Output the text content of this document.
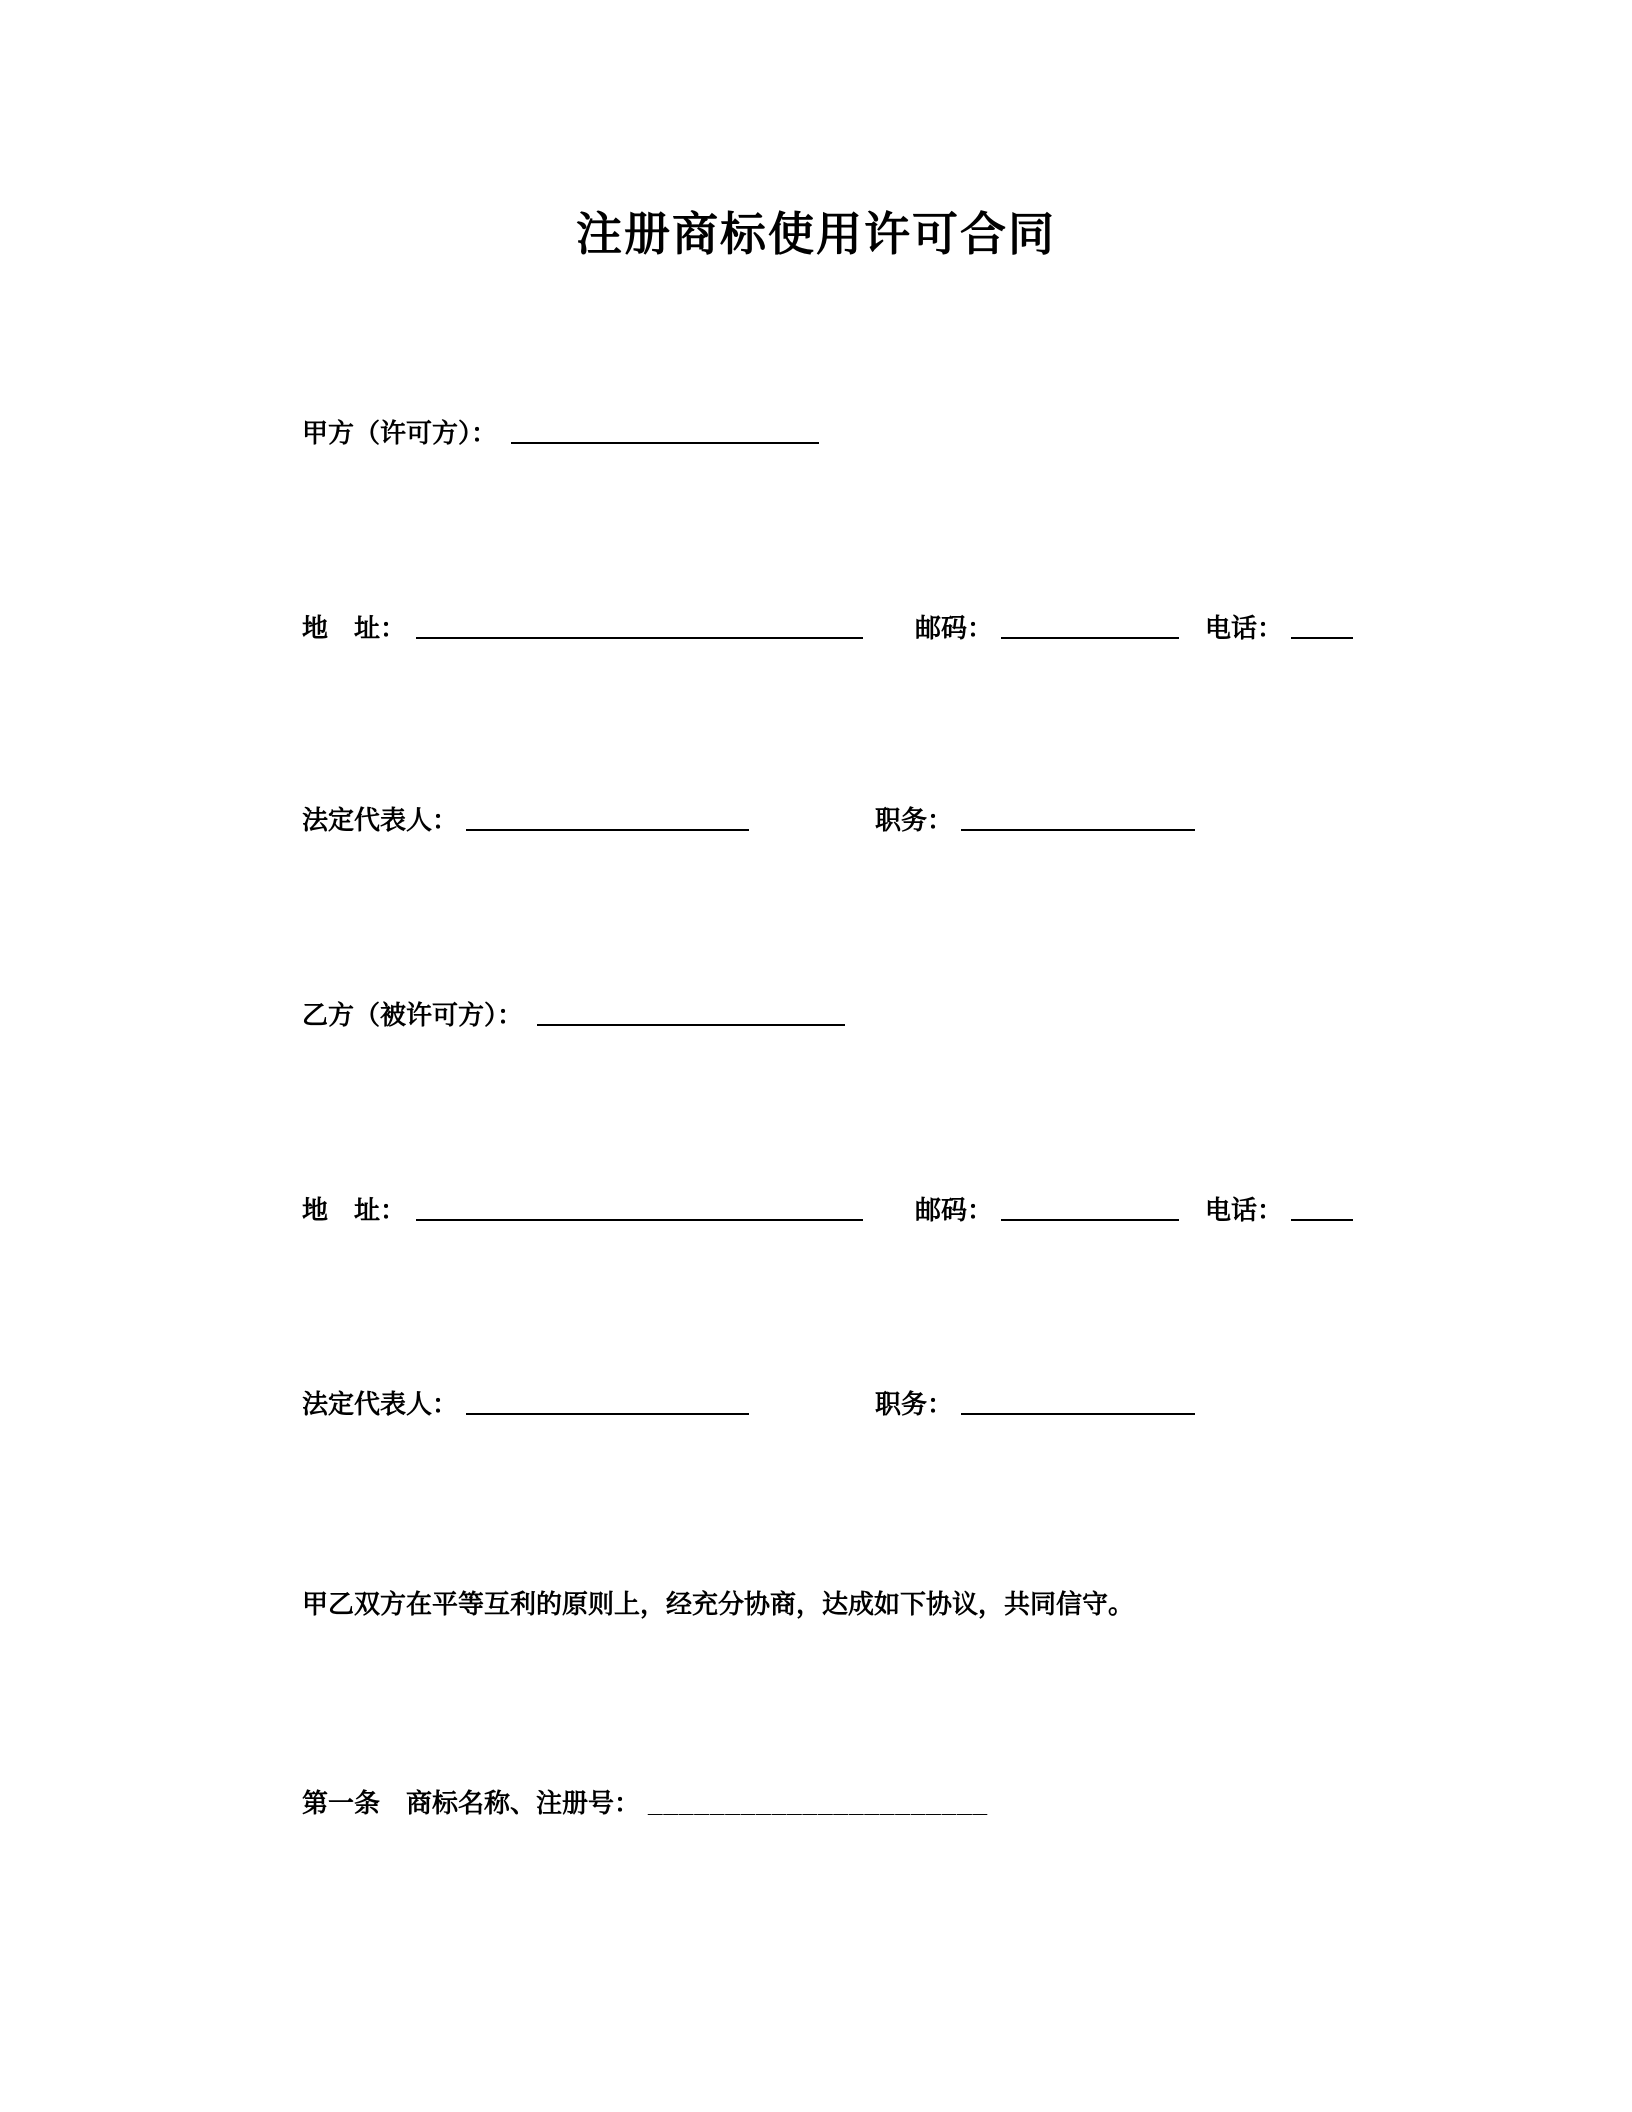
注册商标使用许可合同
甲方（许可方）：
地　址：	邮码：	电话：
法定代表人：	职务：
乙方（被许可方）：
地　址：	邮码：	电话：
法定代表人：	职务：
甲乙双方在平等互利的原则上，经充分协商，达成如下协议，共同信守。
第一条　商标名称、注册号： ______________________
